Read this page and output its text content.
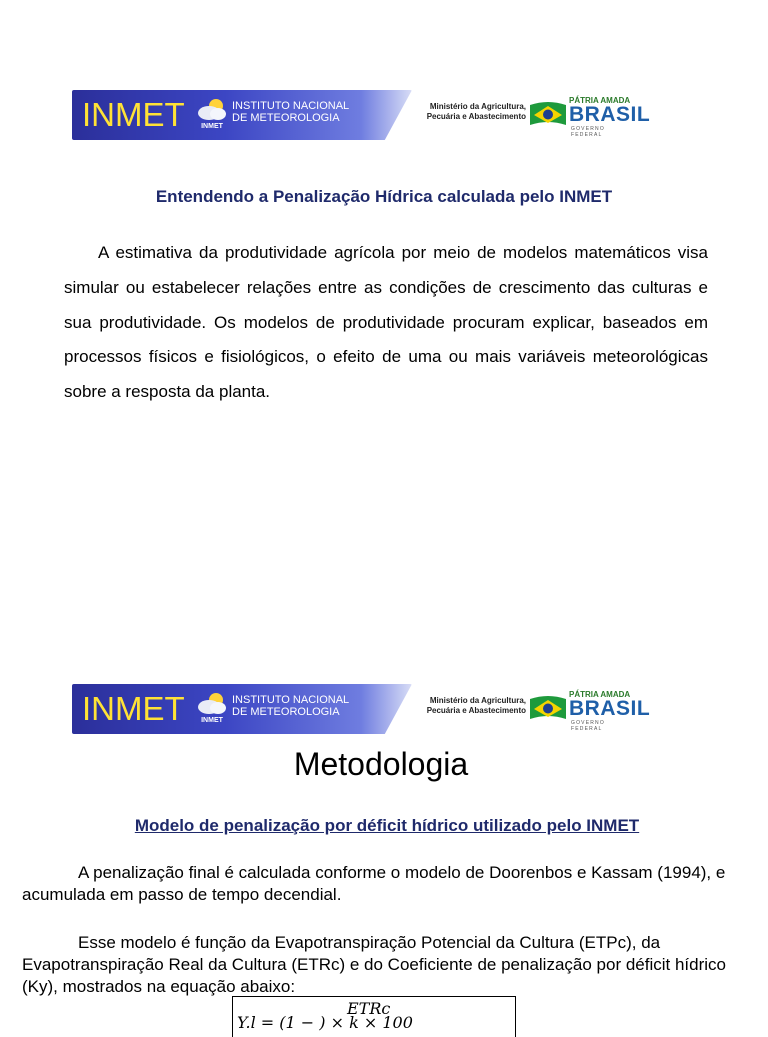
INMET INMET
INSTITUTO NACIONAL
DE METEOROLOGIA
Ministério da Agricultura,
Pecuária e Abastecimento
PÁTRIA AMADA
BRASIL
GOVERNO FEDERAL
Entendendo a Penalização Hídrica calculada pelo INMET

A estimativa da produtividade agrícola por meio de modelos matemáticos visa simular ou estabelecer relações entre as condições de crescimento das culturas e sua produtividade. Os modelos de produtividade procuram explicar, baseados em processos físicos e fisiológicos, o efeito de uma ou mais variáveis meteorológicas sobre a resposta da planta.

INMET INMET
INSTITUTO NACIONAL
DE METEOROLOGIA
Ministério da Agricultura,
Pecuária e Abastecimento
PÁTRIA AMADA
BRASIL
GOVERNO FEDERAL
Metodologia
Modelo de penalização por déficit hídrico utilizado pelo INMET

A penalização final é calculada conforme o modelo de Doorenbos e Kassam (1994), e acumulada em passo de tempo decendial.

Esse modelo é função da Evapotranspiração Potencial da Cultura (ETPc), da Evapotranspiração Real da Cultura (ETRc) e do Coeficiente de penalização por déficit hídrico (Ky), mostrados na equação abaixo:

ETRc
Y.l = (1 − ) × k × 100
